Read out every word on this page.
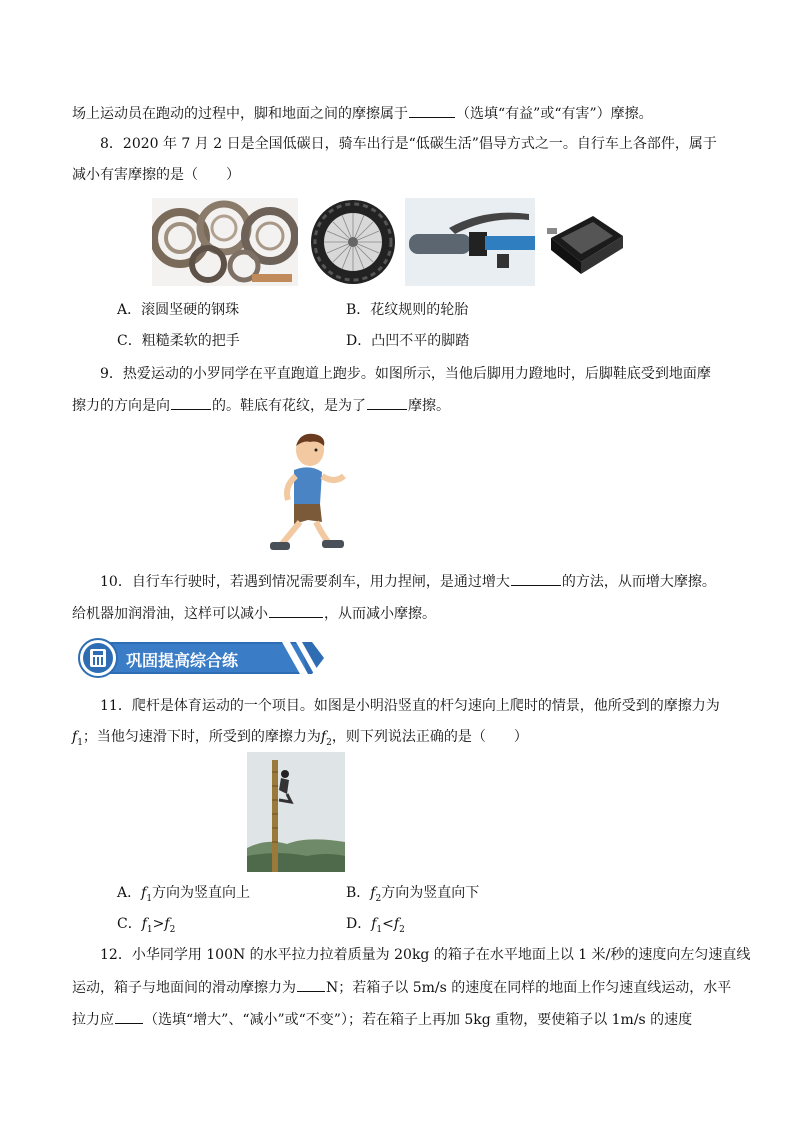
场上运动员在跑动的过程中，脚和地面之间的摩擦属于	（选填“有益”或“有害”）摩擦。
8．2020 年 7 月 2 日是全国低碳日，骑车出行是“低碳生活”倡导方式之一。自行车上各部件，属于
减小有害摩擦的是（　　）
A．滚圆坚硬的钢珠	B．花纹规则的轮胎
C．粗糙柔软的把手	D．凸凹不平的脚踏
9．热爱运动的小罗同学在平直跑道上跑步。如图所示，当他后脚用力蹬地时，后脚鞋底受到地面摩
擦力的方向是向	的。鞋底有花纹，是为了	摩擦。
10．自行车行驶时，若遇到情况需要刹车，用力捏闸，是通过增大	的方法，从而增大摩擦。
给机器加润滑油，这样可以减小	，从而减小摩擦。
巩固提高综合练
11．爬杆是体育运动的一个项目。如图是小明沿竖直的杆匀速向上爬时的情景，他所受到的摩擦力为
$f_1$；当他匀速滑下时，所受到的摩擦力为$f_2$，则下列说法正确的是（　　）
A．$f_1$方向为竖直向上	B．$f_2$方向为竖直向下
C．$f_1>f_2$	D．$f_1<f_2$
12．小华同学用 100N 的水平拉力拉着质量为 20kg 的箱子在水平地面上以 1 米/秒的速度向左匀速直线
运动，箱子与地面间的滑动摩擦力为 N；若箱子以 5m/s 的速度在同样的地面上作匀速直线运动，水平
拉力应 （选填“增大”、“减小”或“不变”）；若在箱子上再加 5kg 重物，要使箱子以 1m/s 的速度
